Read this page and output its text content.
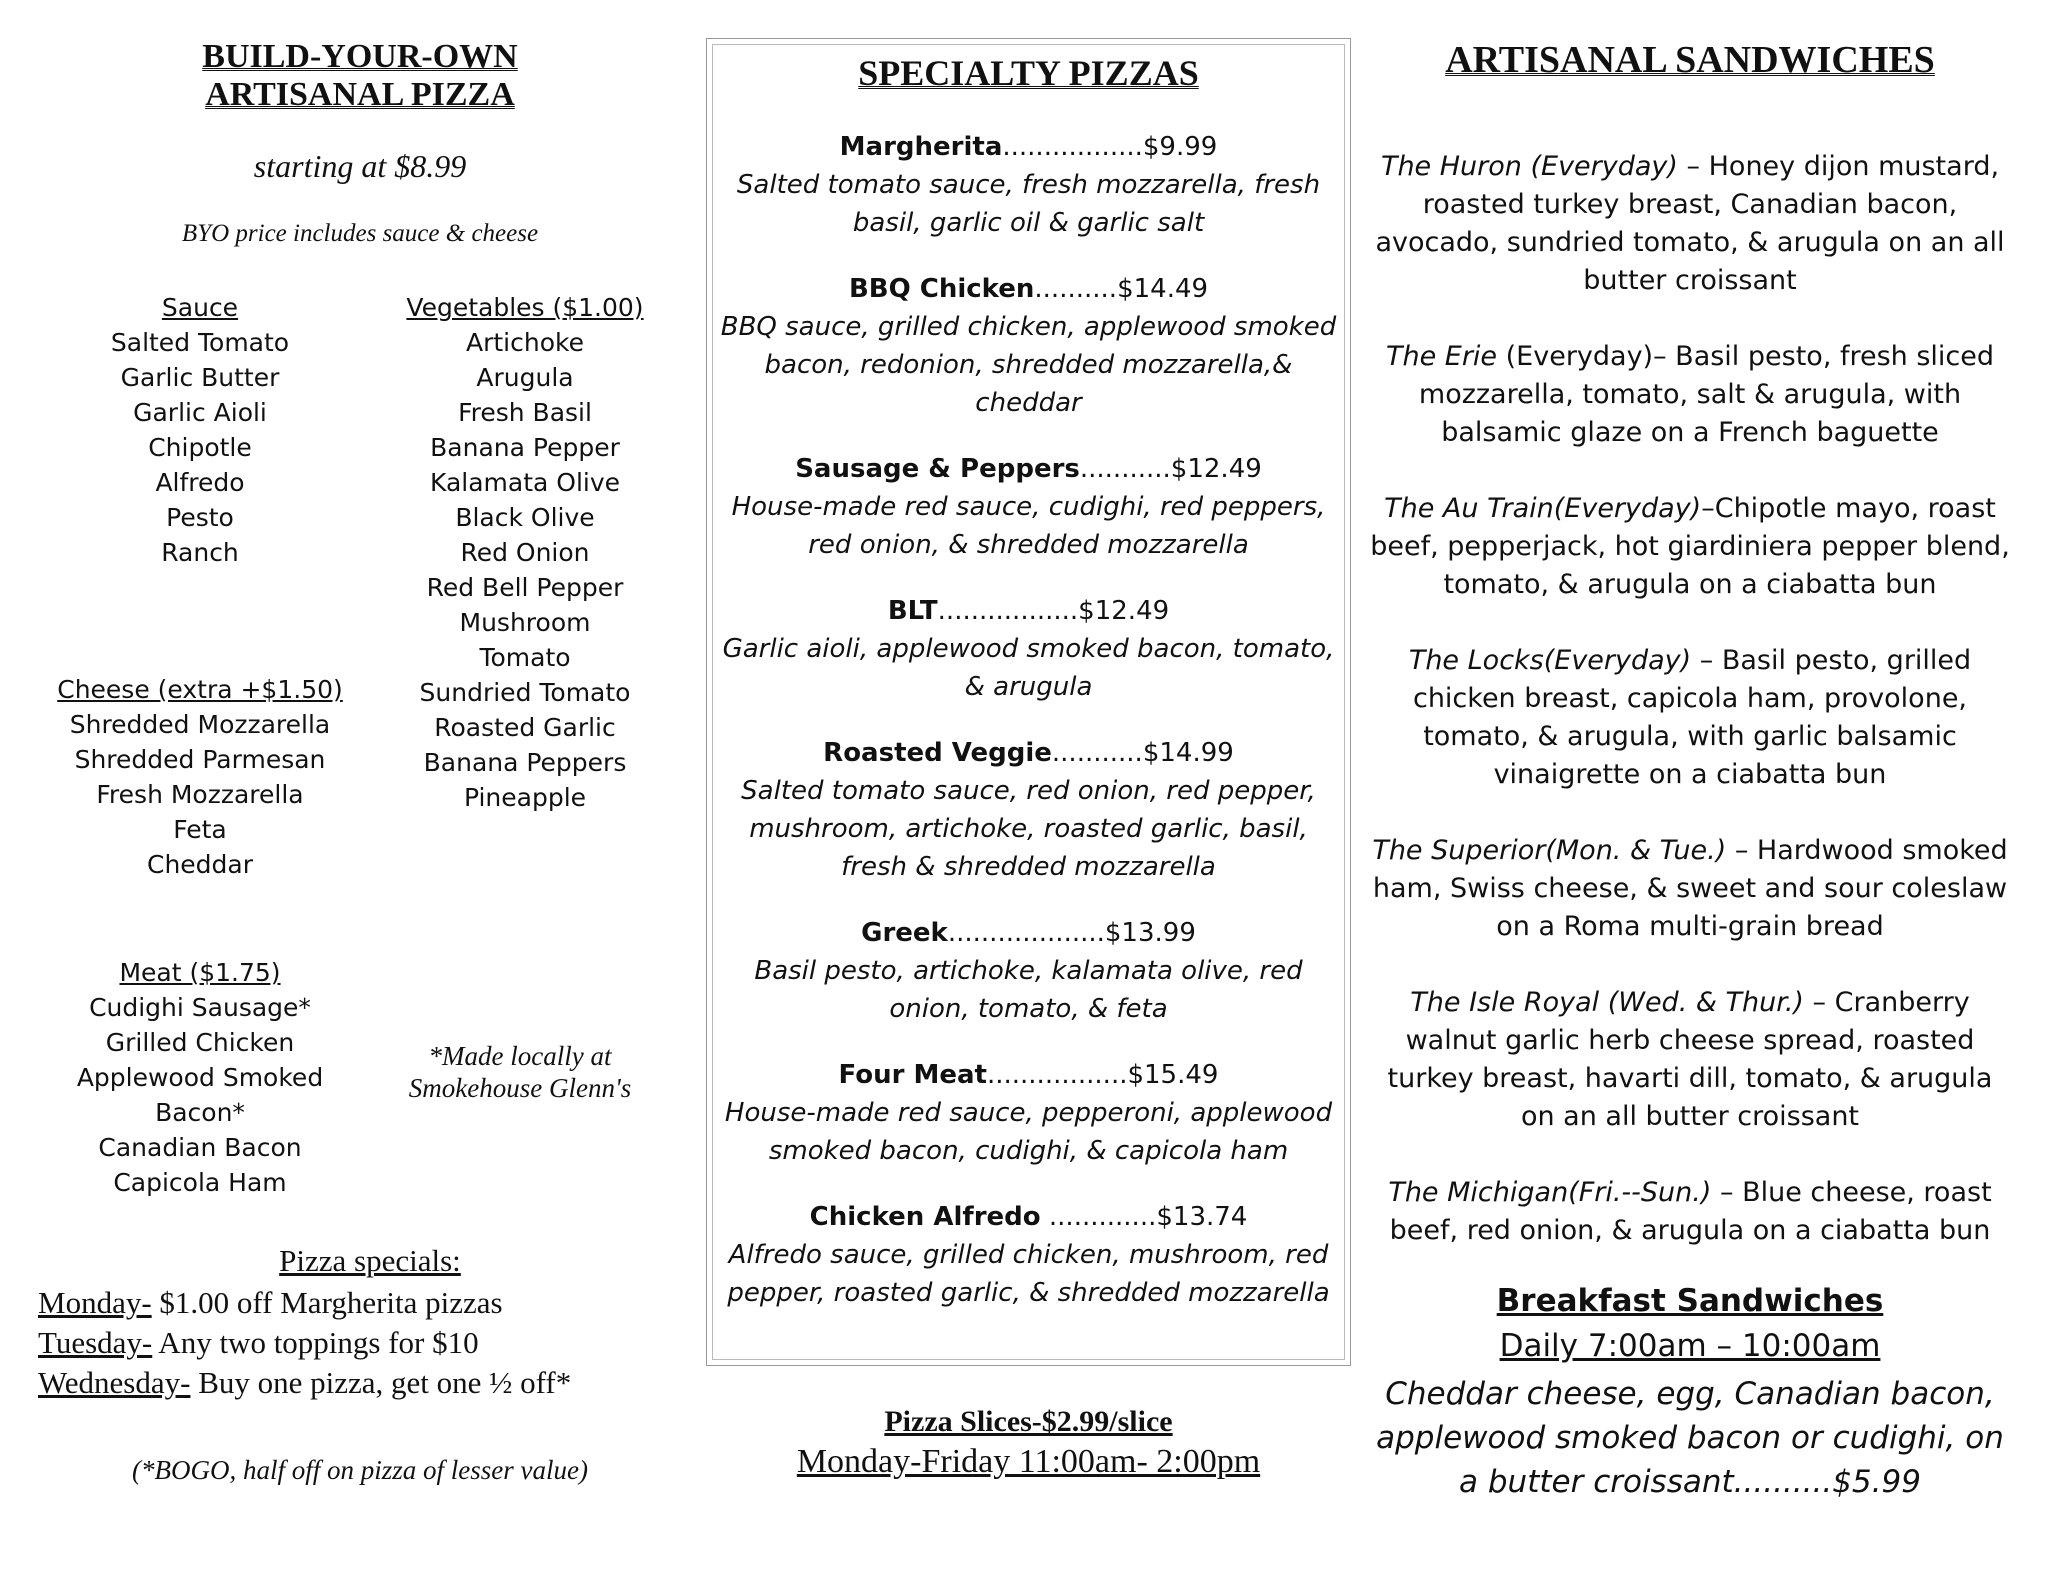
BUILD-YOUR-OWN
ARTISANAL PIZZA
starting at $8.99
BYO price includes sauce & cheese
Sauce
Salted Tomato
Garlic Butter
Garlic Aioli
Chipotle
Alfredo
Pesto
Ranch
Vegetables ($1.00)
Artichoke
Arugula
Fresh Basil
Banana Pepper
Kalamata Olive
Black Olive
Red Onion
Red Bell Pepper
Mushroom
Tomato
Sundried Tomato
Roasted Garlic
Banana Peppers
Pineapple
Cheese (extra +$1.50)
Shredded Mozzarella
Shredded Parmesan
Fresh Mozzarella
Feta
Cheddar
Meat ($1.75)
Cudighi Sausage*
Grilled Chicken
Applewood Smoked
Bacon*
Canadian Bacon
Capicola Ham
*Made locally at
Smokehouse Glenn's
Pizza specials:
Monday- $1.00 off Margherita pizzas
Tuesday- Any two toppings for $10
Wednesday- Buy one pizza, get one ½ off*
(*BOGO, half off on pizza of lesser value)
SPECIALTY PIZZAS
Margherita.................$9.99
Salted tomato sauce, fresh mozzarella, fresh basil, garlic oil & garlic salt
BBQ Chicken..........$14.49
BBQ sauce, grilled chicken, applewood smoked bacon, redonion, shredded mozzarella,& cheddar
Sausage & Peppers...........$12.49
House-made red sauce, cudighi, red peppers, red onion, & shredded mozzarella
BLT.................$12.49
Garlic aioli, applewood smoked bacon, tomato, & arugula
Roasted Veggie...........$14.99
Salted tomato sauce, red onion, red pepper, mushroom, artichoke, roasted garlic, basil, fresh & shredded mozzarella
Greek...................$13.99
Basil pesto, artichoke, kalamata olive, red onion, tomato, & feta
Four Meat.................$15.49
House-made red sauce, pepperoni, applewood smoked bacon, cudighi, & capicola ham
Chicken Alfredo .............$13.74
Alfredo sauce, grilled chicken, mushroom, red pepper, roasted garlic, & shredded mozzarella
Pizza Slices-$2.99/slice
Monday-Friday 11:00am- 2:00pm
ARTISANAL SANDWICHES
The Huron (Everyday) – Honey dijon mustard, roasted turkey breast, Canadian bacon, avocado, sundried tomato, & arugula on an all butter croissant
The Erie (Everyday)– Basil pesto, fresh sliced mozzarella, tomato, salt & arugula, with balsamic glaze on a French baguette
The Au Train(Everyday)–Chipotle mayo, roast beef, pepperjack, hot giardiniera pepper blend, tomato, & arugula on a ciabatta bun
The Locks(Everyday) – Basil pesto, grilled chicken breast, capicola ham, provolone, tomato, & arugula, with garlic balsamic vinaigrette on a ciabatta bun
The Superior(Mon. & Tue.) – Hardwood smoked ham, Swiss cheese, & sweet and sour coleslaw on a Roma multi-grain bread
The Isle Royal (Wed. & Thur.) – Cranberry walnut garlic herb cheese spread, roasted turkey breast, havarti dill, tomato, & arugula on an all butter croissant
The Michigan(Fri.--Sun.) – Blue cheese, roast beef, red onion, & arugula on a ciabatta bun
Breakfast Sandwiches
Daily 7:00am – 10:00am
Cheddar cheese, egg, Canadian bacon, applewood smoked bacon or cudighi, on a butter croissant..........$5.99
